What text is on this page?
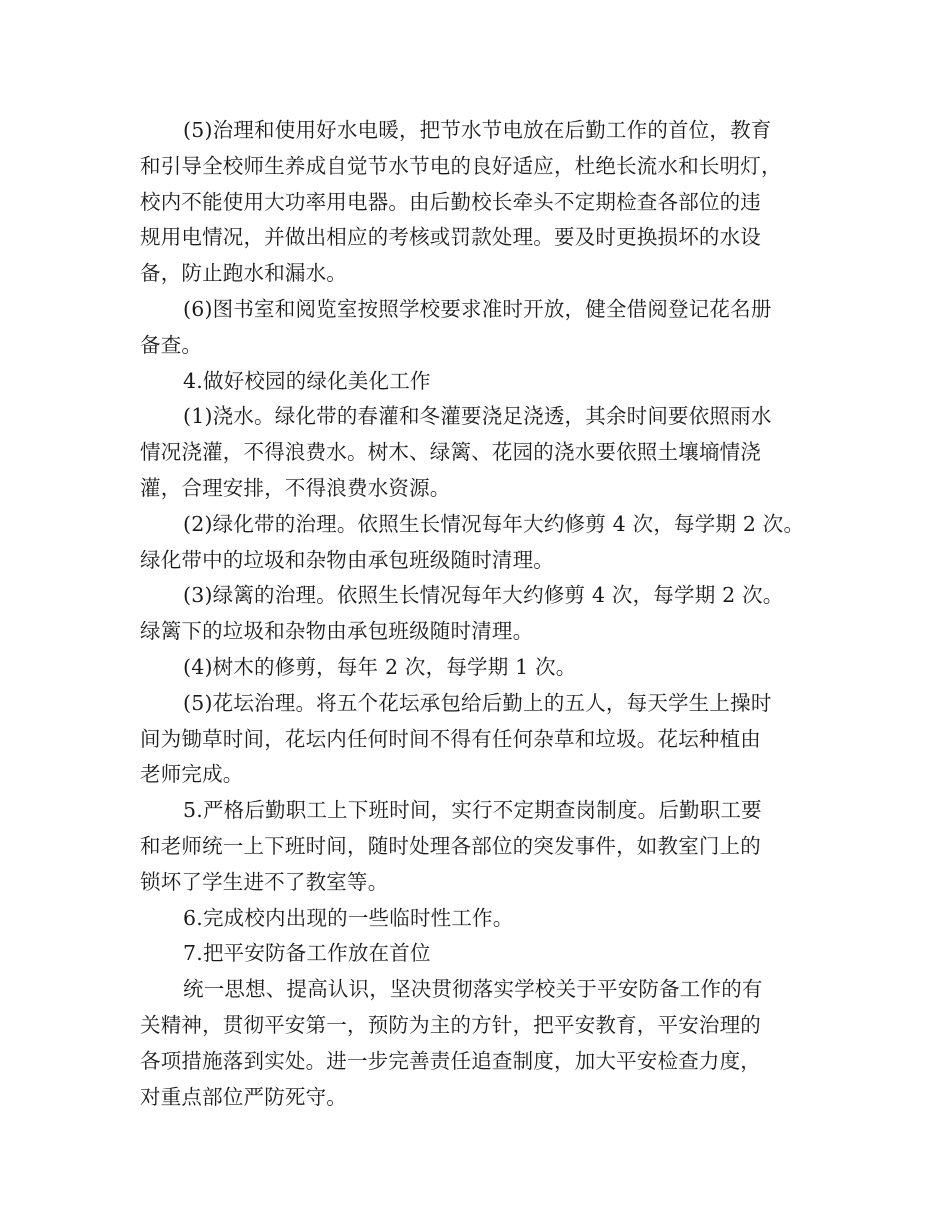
(5)治理和使用好水电暖，把节水节电放在后勤工作的首位，教育
和引导全校师生养成自觉节水节电的良好适应，杜绝长流水和长明灯，
校内不能使用大功率用电器。由后勤校长牵头不定期检查各部位的违
规用电情况，并做出相应的考核或罚款处理。要及时更换损坏的水设
备，防止跑水和漏水。
(6)图书室和阅览室按照学校要求准时开放，健全借阅登记花名册
备查。
4.做好校园的绿化美化工作
(1)浇水。绿化带的春灌和冬灌要浇足浇透，其余时间要依照雨水
情况浇灌，不得浪费水。树木、绿篱、花园的浇水要依照土壤墒情浇
灌，合理安排，不得浪费水资源。
(2)绿化带的治理。依照生长情况每年大约修剪 4 次，每学期 2 次。
绿化带中的垃圾和杂物由承包班级随时清理。
(3)绿篱的治理。依照生长情况每年大约修剪 4 次，每学期 2 次。
绿篱下的垃圾和杂物由承包班级随时清理。
(4)树木的修剪，每年 2 次，每学期 1 次。
(5)花坛治理。将五个花坛承包给后勤上的五人，每天学生上操时
间为锄草时间，花坛内任何时间不得有任何杂草和垃圾。花坛种植由
老师完成。
5.严格后勤职工上下班时间，实行不定期查岗制度。后勤职工要
和老师统一上下班时间，随时处理各部位的突发事件，如教室门上的
锁坏了学生进不了教室等。
6.完成校内出现的一些临时性工作。
7.把平安防备工作放在首位
统一思想、提高认识，坚决贯彻落实学校关于平安防备工作的有
关精神，贯彻平安第一，预防为主的方针，把平安教育，平安治理的
各项措施落到实处。进一步完善责任追查制度，加大平安检查力度，
对重点部位严防死守。
